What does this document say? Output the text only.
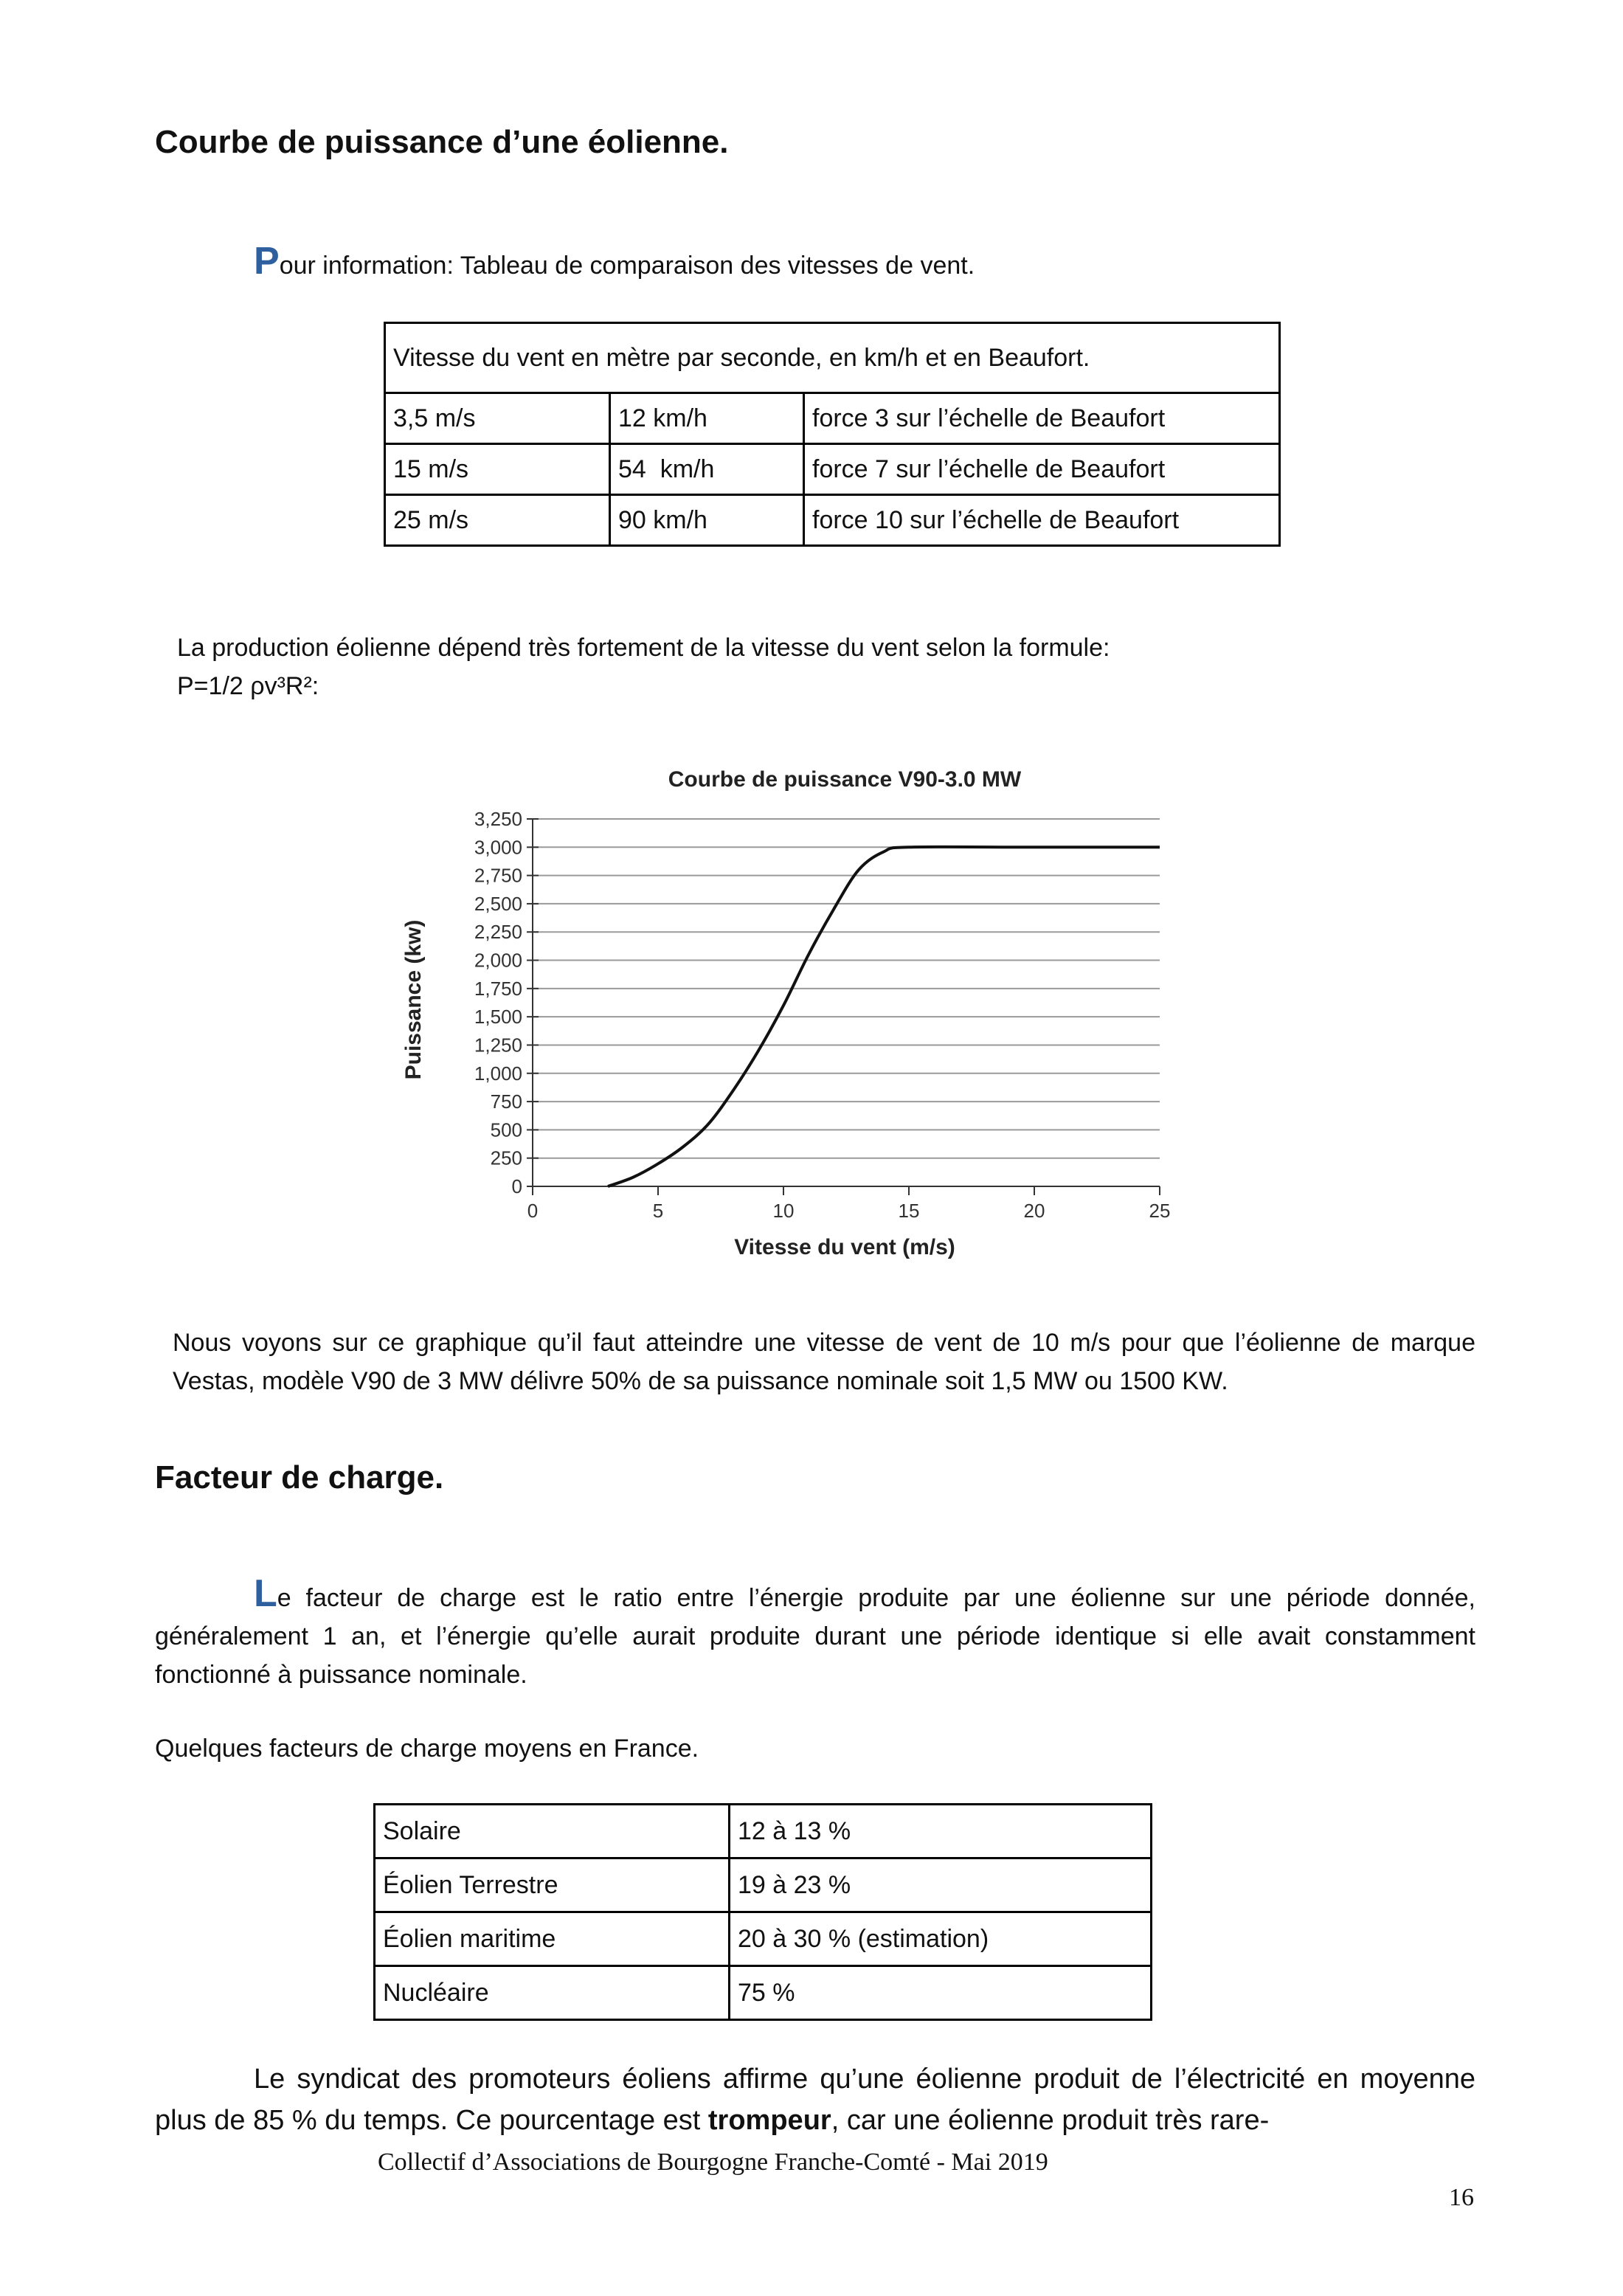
Courbe de puissance d’une éolienne.
Pour information: Tableau de comparaison des vitesses de vent.
Vitesse du vent en mètre par seconde, en km/h et en Beaufort.		
3,5 m/s	12 km/h	force 3 sur l’échelle de Beaufort
15 m/s	54  km/h	force 7 sur l’échelle de Beaufort
25 m/s	90 km/h	force 10 sur l’échelle de Beaufort
La production éolienne dépend très fortement de la vitesse du vent selon la formule:
P=1/2 ρv³R²:
Courbe de puissance V90-3.0 MW
0
250
500
750
1,000
1,250
1,500
1,750
2,000
2,250
2,500
2,750
3,000
3,250
0	5	10	15	20	25
Vitesse du vent (m/s)
Puissance (kw)
Nous voyons sur ce graphique qu’il faut atteindre une vitesse de vent de 10 m/s pour que l’éolienne de marque Vestas, modèle V90 de 3 MW délivre 50% de sa puissance nominale soit 1,5 MW ou 1500 KW.
Facteur de charge.
Le facteur de charge est le ratio entre l’énergie produite par une éolienne sur une période donnée, généralement 1 an, et l’énergie qu’elle aurait produite durant une période identique si elle avait constamment fonctionné à puissance nominale.
Quelques facteurs de charge moyens en France.
Solaire	12 à 13 %
Éolien Terrestre	19 à 23 %
Éolien maritime	20 à 30 % (estimation)
Nucléaire	75 %
Le syndicat des promoteurs éoliens affirme qu’une éolienne produit de l’électricité en moyenne plus de 85 % du temps. Ce pourcentage est trompeur, car une éolienne produit très rare-
Collectif d’Associations de Bourgogne Franche-Comté - Mai 2019
16
